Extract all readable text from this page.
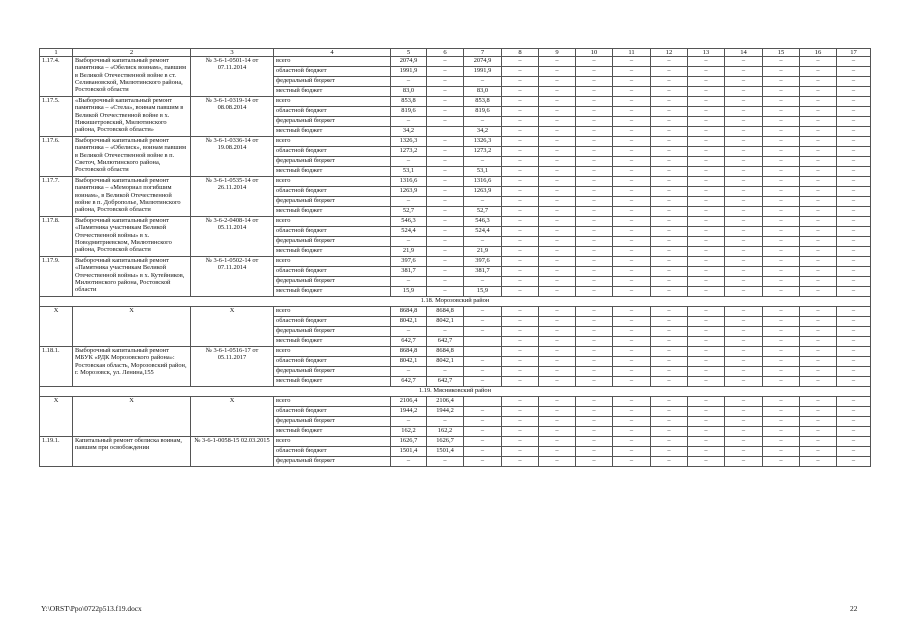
1	2	3	4	5	6	7	8	9	10	11	12	13	14	15	16	17
1.17.4.	Выборочный капитальный ремонт памятника – «Обелиск воинам», павшим в Великой Отечественной войне в ст. Селивановской, Милютинского района, Ростовской области	№ 3-6-1-0501-14 от 07.11.2014	всего	2074,9	–	2074,9	–	–	–	–	–	–	–	–	–	–
			областной бюджет	1991,9	–	1991,9	–	–	–	–	–	–	–	–	–	–
			федеральный бюджет	–	–	–	–	–	–	–	–	–	–	–	–	–
			местный бюджет	83,0	–	83,0	–	–	–	–	–	–	–	–	–	–
1.17.5.	«Выборочный капитальный ремонт памятника – «Стела», воинам павшим в Великой Отечественной войне в х. Никишетровский, Милютинского района, Ростовской области»	№ 3-6-1-0319-14 от 08.08.2014	всего	853,8	–	853,8	–	–	–	–	–	–	–	–	–	–
			областной бюджет	819,6	–	819,6	–	–	–	–	–	–	–	–	–	–
			федеральный бюджет	–	–	–	–	–	–	–	–	–	–	–	–	–
			местный бюджет	34,2		34,2	–	–	–	–	–	–	–	–	–	–
1.17.6.	Выборочный капитальный ремонт памятника – «Обелиск», воинам павшим в Великой Отечественной войне в п. Светоч, Милютинского района, Ростовской области	№ 3-6-1-0336-14 от 19.08.2014	всего	1326,3	–	1326,3	–	–	–	–	–	–	–	–	–	–
			областной бюджет	1273,2	–	1273,2	–	–	–	–	–	–	–	–	–	–
			федеральный бюджет	–	–	–	–	–	–	–	–	–	–	–	–	–
			местный бюджет	53,1	–	53,1	–	–	–	–	–	–	–	–	–	–
1.17.7.	Выборочный капитальный ремонт памятника – «Мемориал погибшим воинам», в Великой Отечественной войне в п. Доброполье, Милютинского района, Ростовской области	№ 3-6-1-0535-14 от 26.11.2014	всего	1316,6	–	1316,6	–	–	–	–	–	–	–	–	–	–
			областной бюджет	1263,9	–	1263,9	–	–	–	–	–	–	–	–	–	–
			федеральный бюджет	–	–	–	–	–	–	–	–	–	–	–	–	–
			местный бюджет	52,7	–	52,7	–	–	–	–	–	–	–	–	–	–
1.17.8.	Выборочный капитальный ремонт «Памятника участникам Великой Отечественной войны» в х. Новодмитриевском, Милютинского района, Ростовской области	№ 3-6-2-0408-14 от 05.11.2014	всего	546,3	–	546,3	–	–	–	–	–	–	–	–	–	–
			областной бюджет	524,4	–	524,4	–	–	–	–	–	–	–	–	–	–
			федеральный бюджет	–	–	–	–	–	–	–	–	–	–	–	–	–
			местный бюджет	21,9	–	21,9	–	–	–	–	–	–	–	–	–	–
1.17.9.	Выборочный капитальный ремонт «Памятника участникам Великой Отечественной войны» в х. Кутейников, Милютинского района, Ростовской области	№ 3-6-1-0502-14 от 07.11.2014	всего	397,6	–	397,6	–	–	–	–	–	–	–	–	–	–
			областной бюджет	381,7	–	381,7	–	–	–	–	–	–	–	–	–	–
			федеральный бюджет	–	–	–	–	–	–	–	–	–	–	–	–	–
			местный бюджет	15,9	–	15,9	–	–	–	–	–	–	–	–	–	–
1.18. Морозовский район																
Х	Х	Х	всего	8684,8	8684,8	–	–	–	–	–	–	–	–	–	–	–
			областной бюджет	8042,1	8042,1	–	–	–	–	–	–	–	–	–	–	–
			федеральный бюджет	–	–	–	–	–	–	–	–	–	–	–	–	–
			местный бюджет	642,7	642,7		–	–	–	–	–	–	–	–	–	–
1.18.1.	Выборочный капитальный ремонт МБУК «РДК Морозовского района»: Ростовская область, Морозовский район, г. Морозовск, ул. Ленина,155	№ 3-6-1-0516-17 от 05.11.2017	всего	8684,8	8684,8		–	–	–	–	–	–	–	–	–	–
			областной бюджет	8042,1	8042,1	–	–	–	–	–	–	–	–	–	–	–
			федеральный бюджет	–	–	–	–	–	–	–	–	–	–	–	–	–
			местный бюджет	642,7	642,7	–	–	–	–	–	–	–	–	–	–	–
1.19. Мясниковский район																
Х	Х	Х	всего	2106,4	2106,4		–	–	–	–	–	–	–	–	–	–
			областной бюджет	1944,2	1944,2	–	–	–	–	–	–	–	–	–	–	–
			федеральный бюджет	–	–	–	–	–	–	–	–	–	–	–	–	–
			местный бюджет	162,2	162,2	–	–	–	–	–	–	–	–	–	–	–
1.19.1.	Капитальный ремонт обелиска воинам, павшим при освобождении	№ 3-6-1-0058-15 02.03.2015	всего	1626,7	1626,7	–	–	–	–	–	–	–	–	–	–	–
			областной бюджет	1501,4	1501,4	–	–	–	–	–	–	–	–	–	–	–
			федеральный бюджет	–	–	–	–	–	–	–	–	–	–	–	–	–
Y:\ORST\Ppo\0722p513.f19.docx	22
